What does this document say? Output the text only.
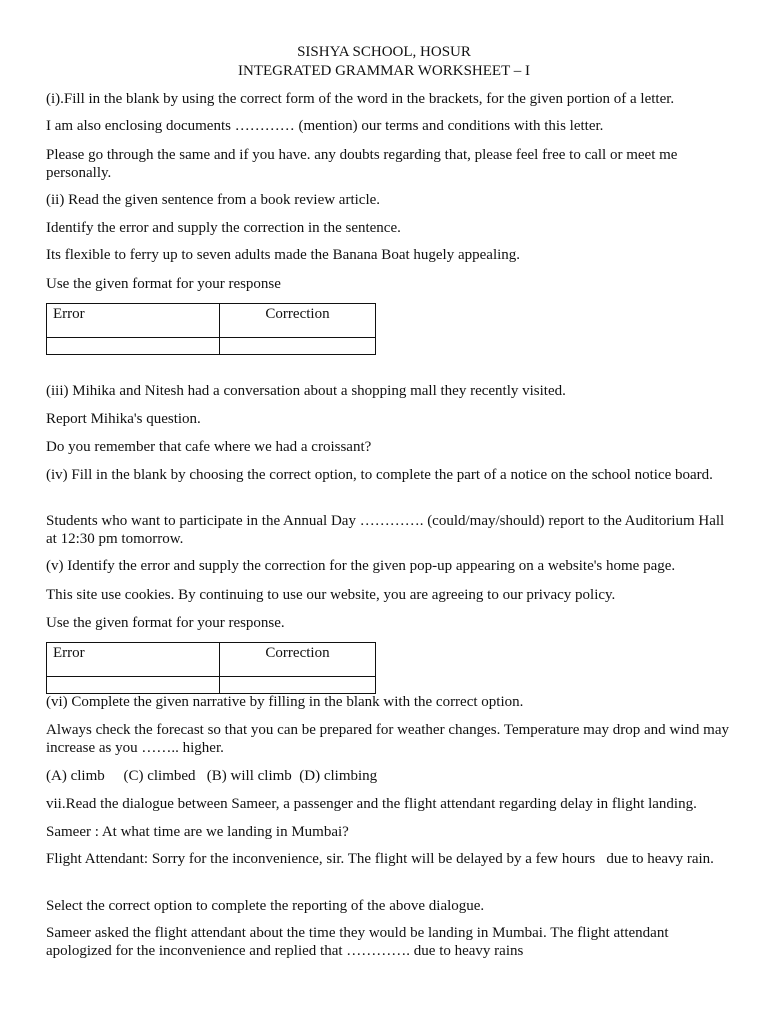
SISHYA SCHOOL, HOSUR

INTEGRATED GRAMMAR WORKSHEET – I

(i).Fill in the blank by using the correct form of the word in the brackets, for the given portion of a letter.

I am also enclosing documents ………… (mention) our terms and conditions with this letter.

Please go through the same and if you have. any doubts regarding that, please feel free to call or meet me personally.

(ii) Read the given sentence from a book review article.

Identify the error and supply the correction in the sentence.

Its flexible to ferry up to seven adults made the Banana Boat hugely appealing.

Use the given format for your response

Error	Correction

(iii) Mihika and Nitesh had a conversation about a shopping mall they recently visited.

Report Mihika's question.

Do you remember that cafe where we had a croissant?

(iv) Fill in the blank by choosing the correct option, to complete the part of a notice on the school notice board.

Students who want to participate in the Annual Day …………. (could/may/should) report to the Auditorium Hall at 12:30 pm tomorrow.

(v) Identify the error and supply the correction for the given pop-up appearing on a website's home page.

This site use cookies. By continuing to use our website, you are agreeing to our privacy policy.

Use the given format for your response.

Error	Correction

(vi) Complete the given narrative by filling in the blank with the correct option.

Always check the forecast so that you can be prepared for weather changes. Temperature may drop and wind may increase as you …….. higher.

(A) climb     (C) climbed   (B) will climb  (D) climbing

vii.Read the dialogue between Sameer, a passenger and the flight attendant regarding delay in flight landing.

Sameer : At what time are we landing in Mumbai?

Flight Attendant: Sorry for the inconvenience, sir. The flight will be delayed by a few hours   due to heavy rain.

Select the correct option to complete the reporting of the above dialogue.

Sameer asked the flight attendant about the time they would be landing in Mumbai. The flight attendant apologized for the inconvenience and replied that …………. due to heavy rains
